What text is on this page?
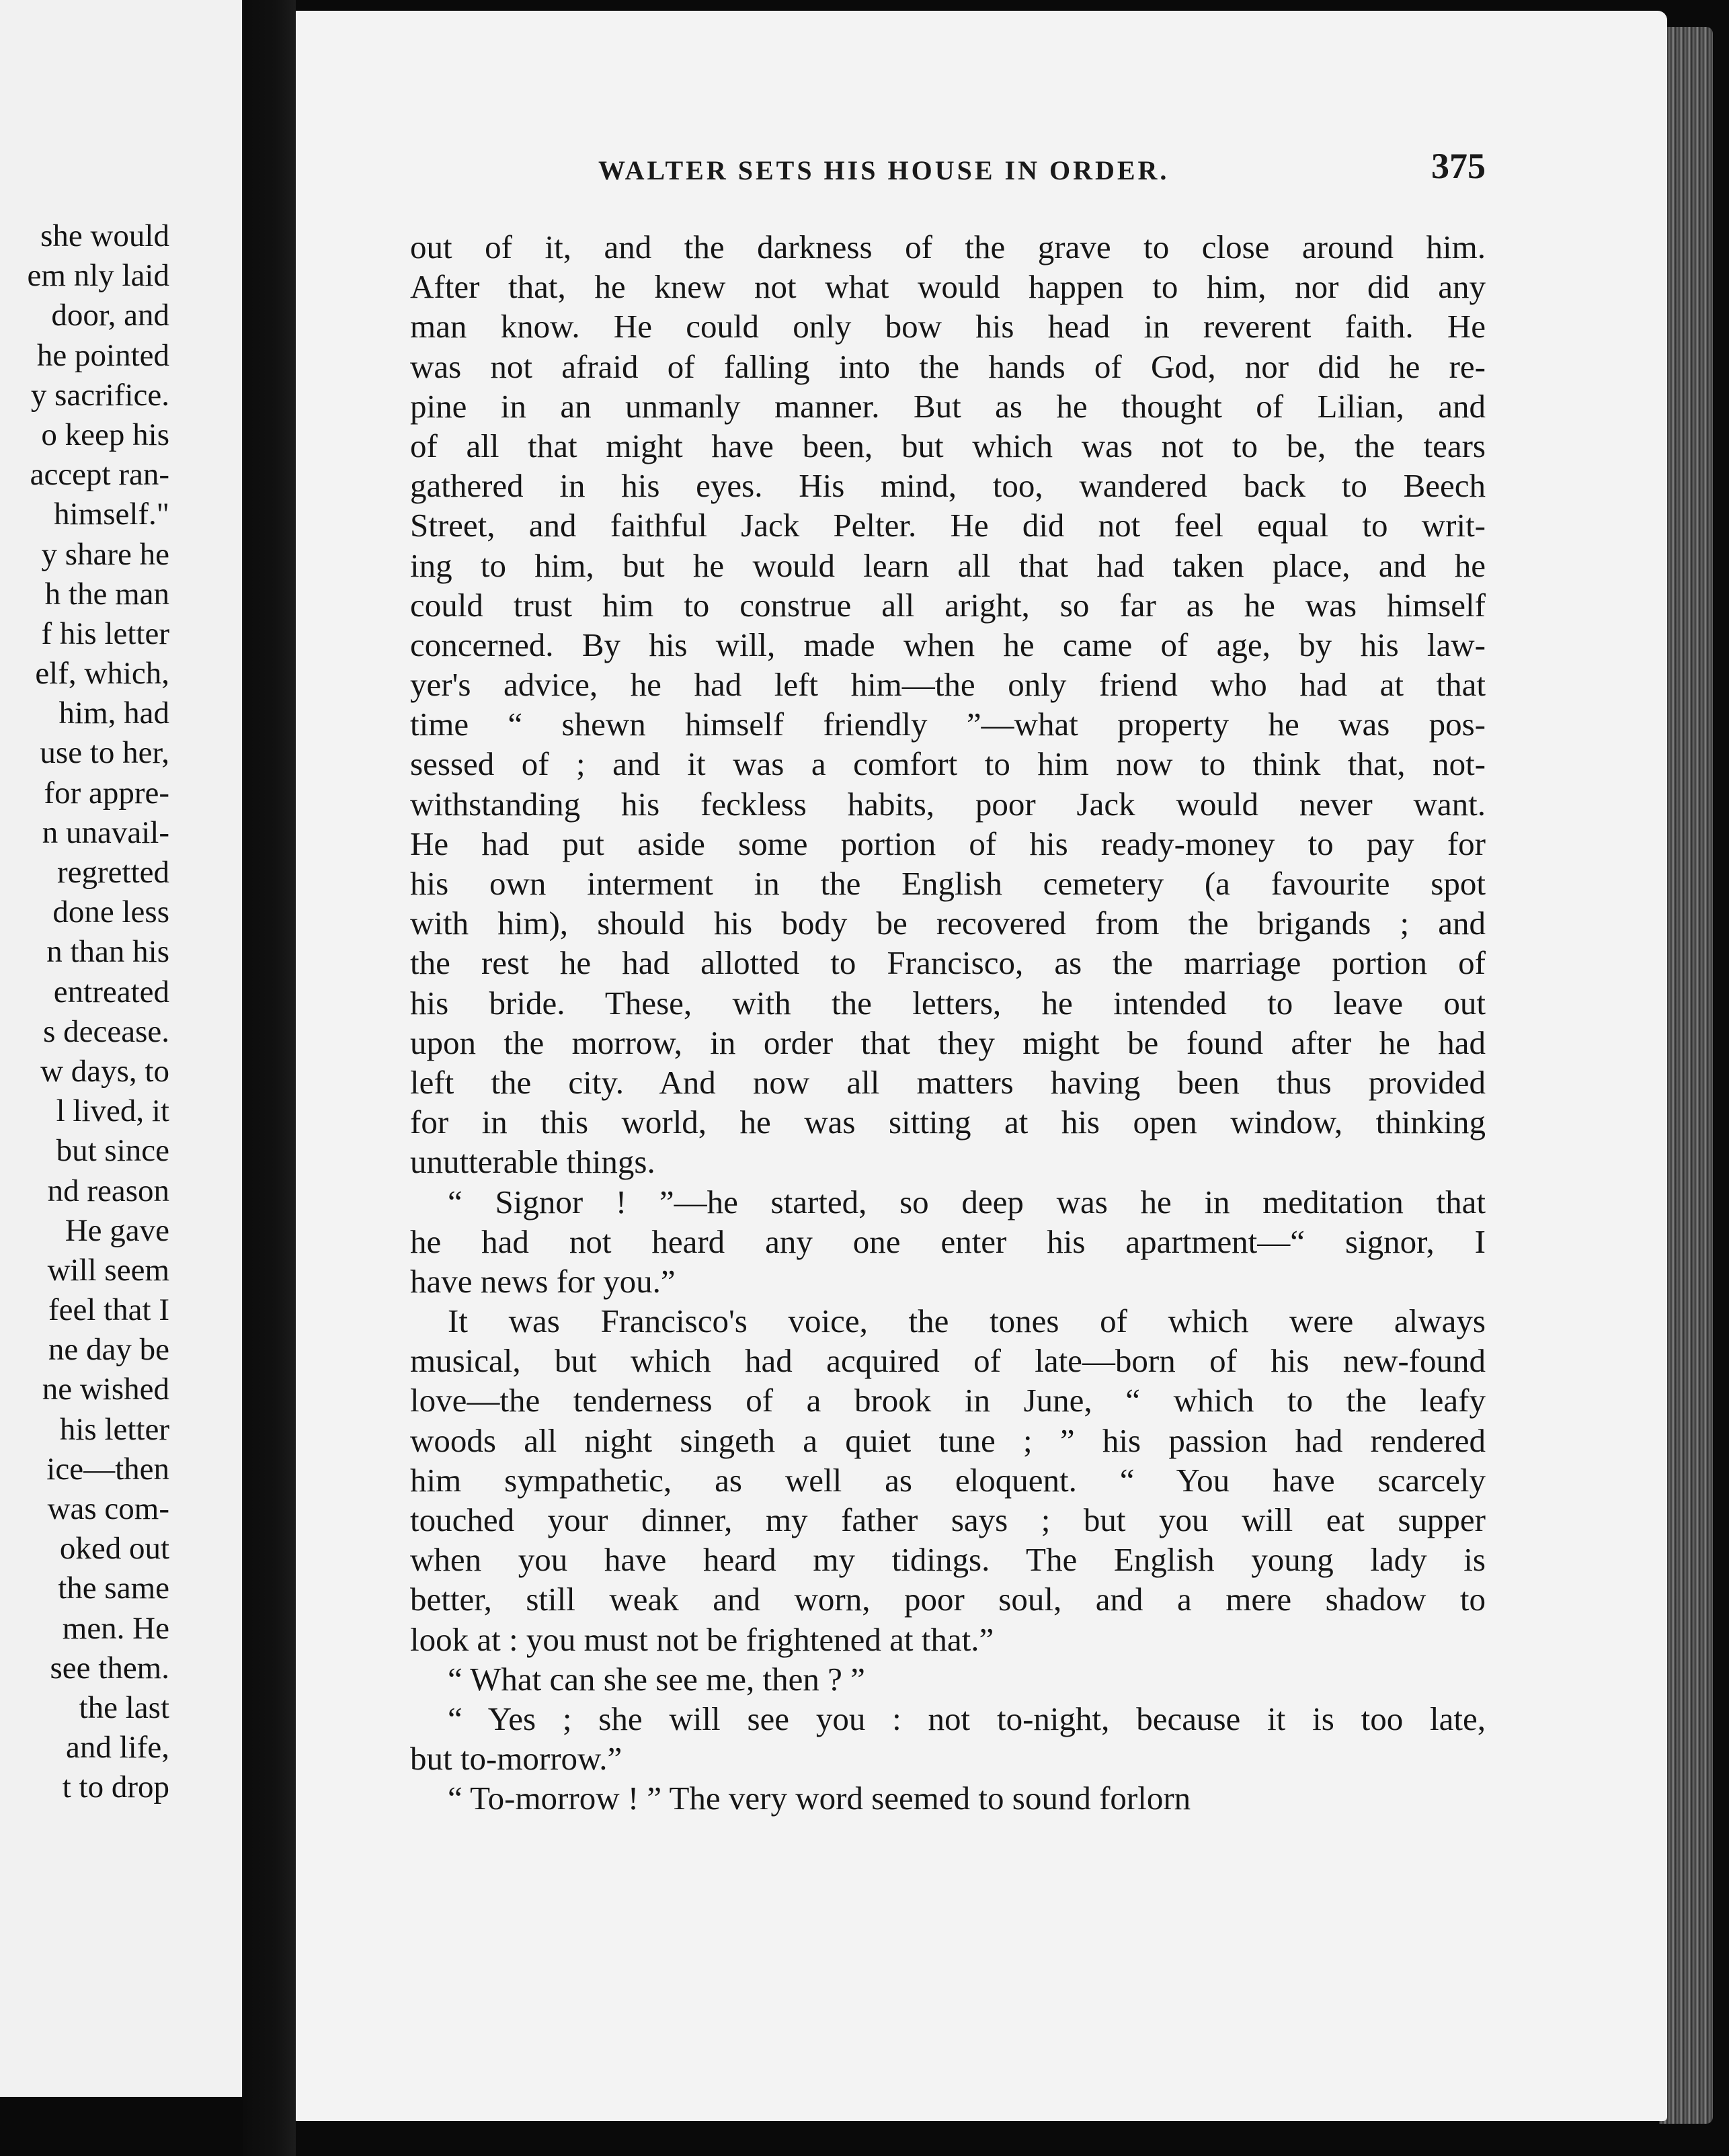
she would
em nly laid
door, and
he pointed
y sacrifice.
o keep his
accept ran-
himself."
y share he
h the man
f his letter
elf, which,
him, had
use to her,
for appre-
n unavail-
regretted
done less
n than his
entreated
s decease.
w days, to
l lived, it
but since
nd reason
He gave
will seem
feel that I
ne day be
ne wished
his letter
ice—then
was com-
oked out
the same
men. He
see them.
the last
and life,
t to drop
WALTER SETS HIS HOUSE IN ORDER.	375
out of it, and the darkness of the grave to close around him.
After that, he knew not what would happen to him, nor did any
man know. He could only bow his head in reverent faith. He
was not afraid of falling into the hands of God, nor did he re-
pine in an unmanly manner. But as he thought of Lilian, and
of all that might have been, but which was not to be, the tears
gathered in his eyes. His mind, too, wandered back to Beech
Street, and faithful Jack Pelter. He did not feel equal to writ-
ing to him, but he would learn all that had taken place, and he
could trust him to construe all aright, so far as he was himself
concerned. By his will, made when he came of age, by his law-
yer's advice, he had left him—the only friend who had at that
time “ shewn himself friendly ”—what property he was pos-
sessed of ; and it was a comfort to him now to think that, not-
withstanding his feckless habits, poor Jack would never want.
He had put aside some portion of his ready-money to pay for
his own interment in the English cemetery (a favourite spot
with him), should his body be recovered from the brigands ; and
the rest he had allotted to Francisco, as the marriage portion of
his bride. These, with the letters, he intended to leave out
upon the morrow, in order that they might be found after he had
left the city. And now all matters having been thus provided
for in this world, he was sitting at his open window, thinking
unutterable things.
“ Signor ! ”—he started, so deep was he in meditation that
he had not heard any one enter his apartment—“ signor, I
have news for you.”
It was Francisco's voice, the tones of which were always
musical, but which had acquired of late—born of his new-found
love—the tenderness of a brook in June, “ which to the leafy
woods all night singeth a quiet tune ; ” his passion had rendered
him sympathetic, as well as eloquent. “ You have scarcely
touched your dinner, my father says ; but you will eat supper
when you have heard my tidings. The English young lady is
better, still weak and worn, poor soul, and a mere shadow to
look at : you must not be frightened at that.”
“ What can she see me, then ? ”
“ Yes ; she will see you : not to-night, because it is too late,
but to-morrow.”
“ To-morrow ! ” The very word seemed to sound forlorn
